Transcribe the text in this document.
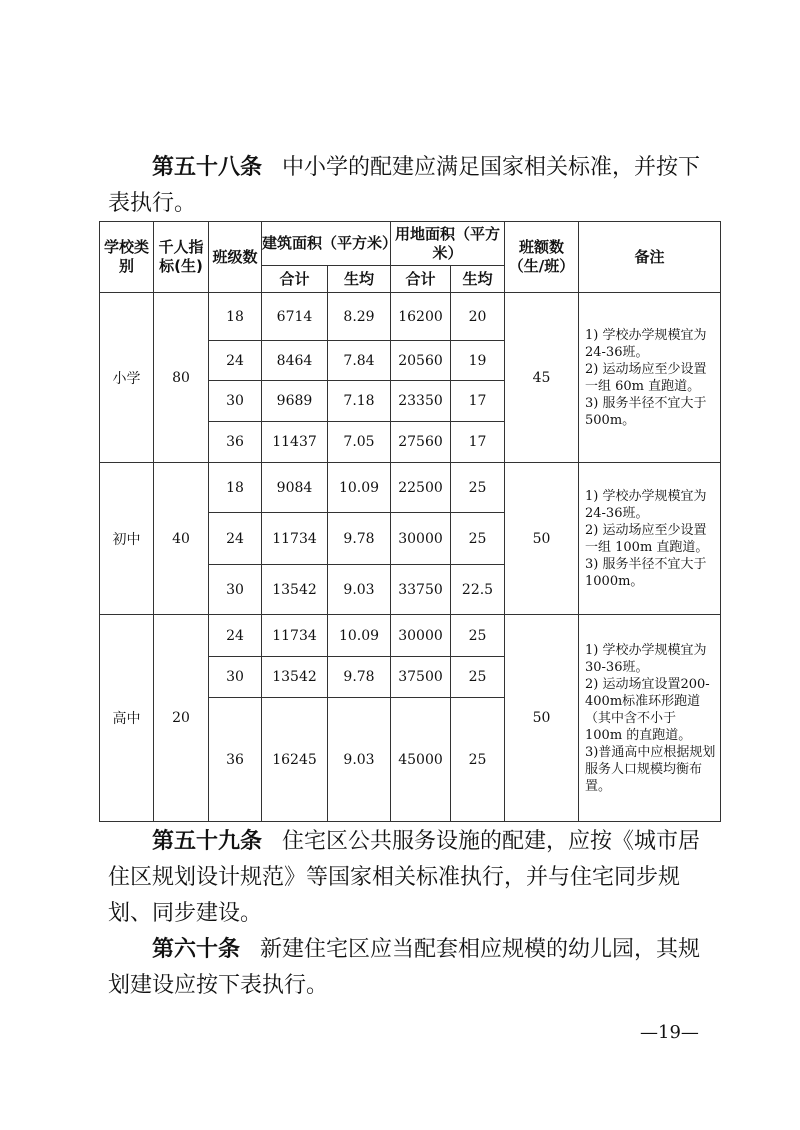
第五十八条 中小学的配建应满足国家相关标准，并按下表执行。
学校类别	千人指标(生)	班级数	建筑面积（平方米）		用地面积（平方米）		班额数（生/班）	备注
			合计	生均	合计	生均		
小学	80	18	6714	8.29	16200	20	45	1) 学校办学规模宜为24-36班。
2) 运动场应至少设置一组 60m 直跑道。
3) 服务半径不宜大于 500m。

		24	8464	7.84	20560	19		
		30	9689	7.18	23350	17		
		36	11437	7.05	27560	17		
初中	40	18	9084	10.09	22500	25	50	1) 学校办学规模宜为24-36班。
2) 运动场应至少设置一组 100m 直跑道。
3) 服务半径不宜大于 1000m。

		24	11734	9.78	30000	25		
		30	13542	9.03	33750	22.5		
高中	20	24	11734	10.09	30000	25	50	1) 学校办学规模宜为30-36班。
2) 运动场宜设置200-400m标准环形跑道（其中含不小于 100m 的直跑道。
3)普通高中应根据规划服务人口规模均衡布置。

		30	13542	9.78	37500	25		
		36	16245	9.03	45000	25		
第五十九条 住宅区公共服务设施的配建，应按《城市居住区规划设计规范》等国家相关标准执行，并与住宅同步规划、同步建设。
第六十条 新建住宅区应当配套相应规模的幼儿园，其规划建设应按下表执行。
—19—
